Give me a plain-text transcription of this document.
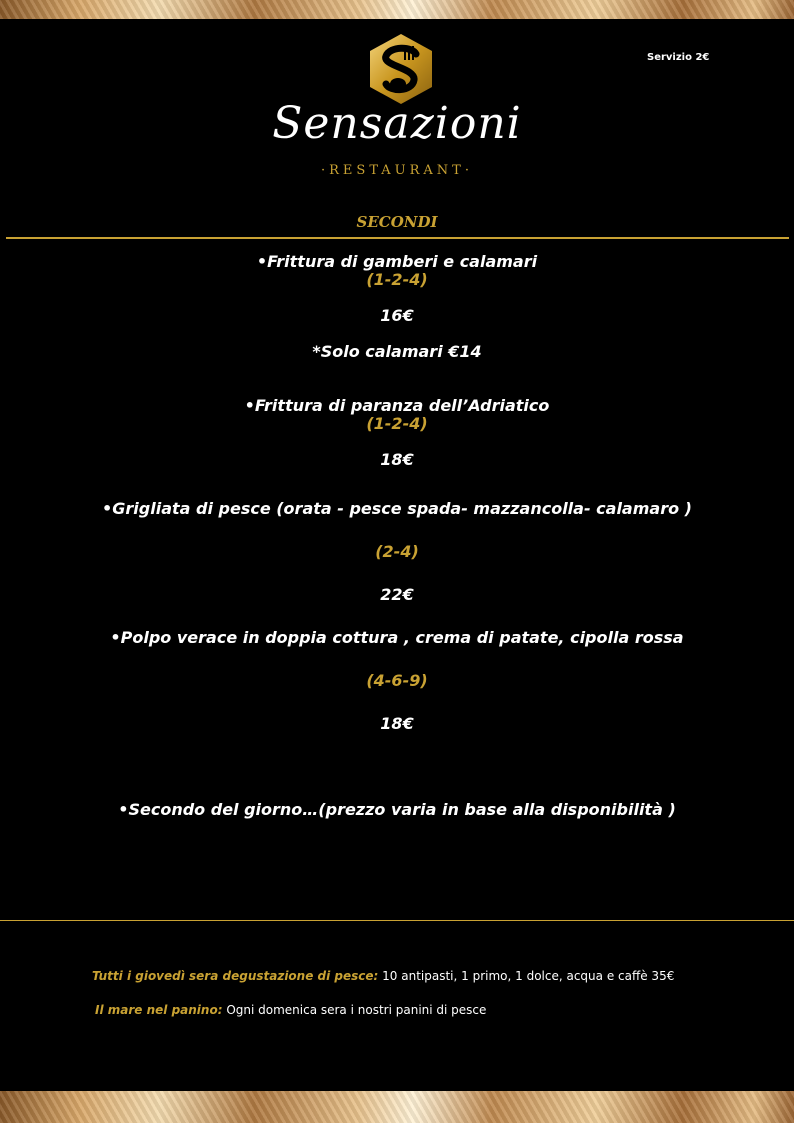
Servizio 2€
Sensazioni
·RESTAURANT·
SECONDI
•Frittura di gamberi e calamari
(1-2-4)
16€
*Solo calamari €14
•Frittura di paranza dell’Adriatico
(1-2-4)
18€
•Grigliata di pesce (orata - pesce spada- mazzancolla- calamaro )
(2-4)
22€
•Polpo verace in doppia cottura , crema di patate, cipolla rossa
(4-6-9)
18€
•Secondo del giorno…(prezzo varia in base alla disponibilità )
Tutti i giovedì sera degustazione di pesce: 10 antipasti, 1 primo, 1 dolce, acqua e caffè 35€
Il mare nel panino: Ogni domenica sera i nostri panini di pesce
